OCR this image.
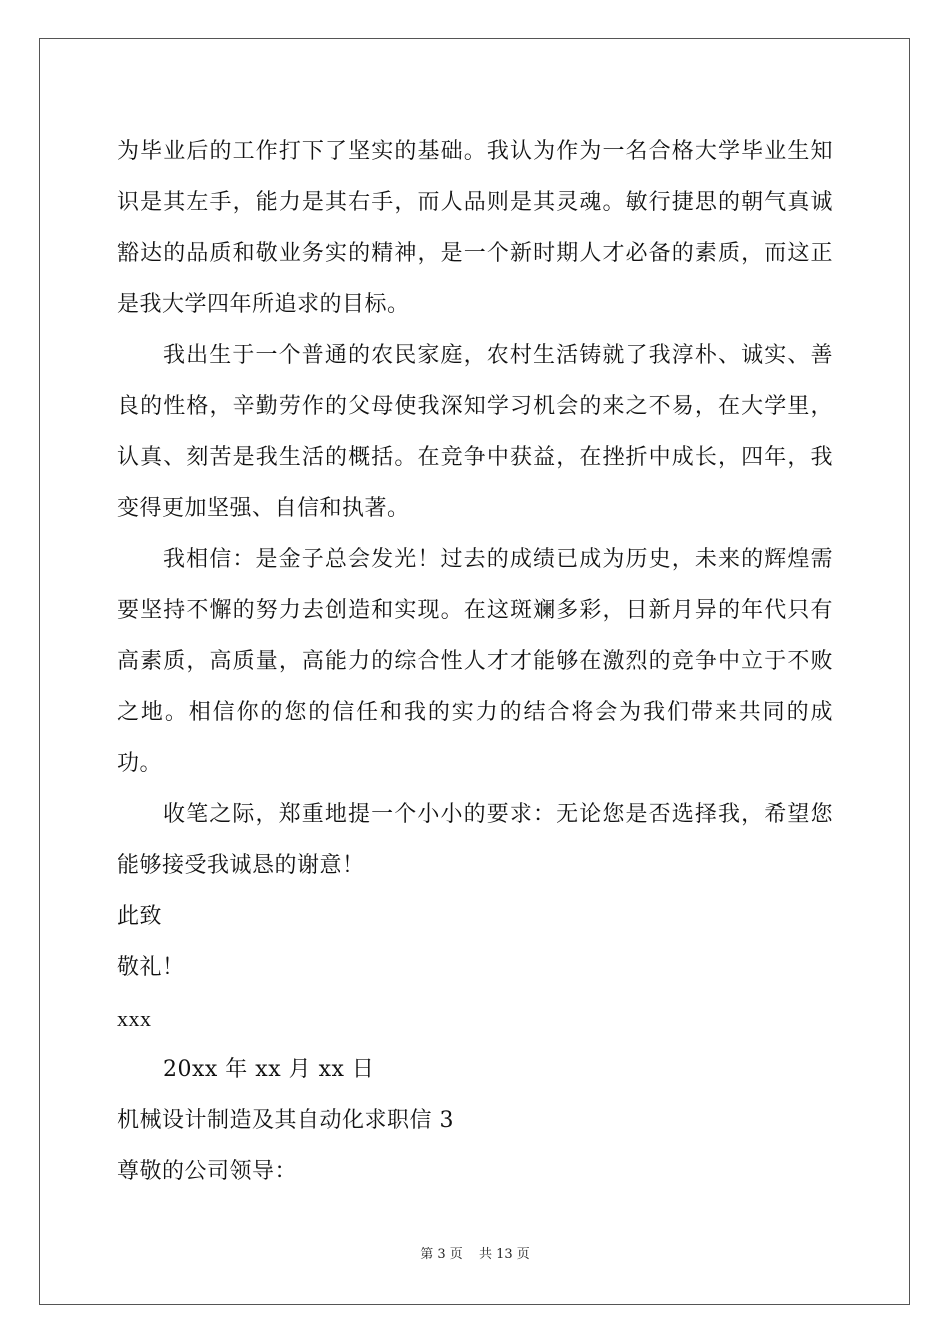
为毕业后的工作打下了坚实的基础。我认为作为一名合格大学毕业生知识是其左手，能力是其右手，而人品则是其灵魂。敏行捷思的朝气真诚豁达的品质和敬业务实的精神，是一个新时期人才必备的素质，而这正是我大学四年所追求的目标。

我出生于一个普通的农民家庭，农村生活铸就了我淳朴、诚实、善良的性格，辛勤劳作的父母使我深知学习机会的来之不易，在大学里，认真、刻苦是我生活的概括。在竞争中获益，在挫折中成长，四年，我变得更加坚强、自信和执著。

我相信：是金子总会发光！过去的成绩已成为历史，未来的辉煌需要坚持不懈的努力去创造和实现。在这斑斓多彩，日新月异的年代只有高素质，高质量，高能力的综合性人才才能够在激烈的竞争中立于不败之地。相信你的您的信任和我的实力的结合将会为我们带来共同的成功。

收笔之际，郑重地提一个小小的要求：无论您是否选择我，希望您能够接受我诚恳的谢意！

此致

敬礼！

xxx

20xx 年 xx 月 xx 日

机械设计制造及其自动化求职信 3

尊敬的公司领导：

第 3 页 共 13 页
